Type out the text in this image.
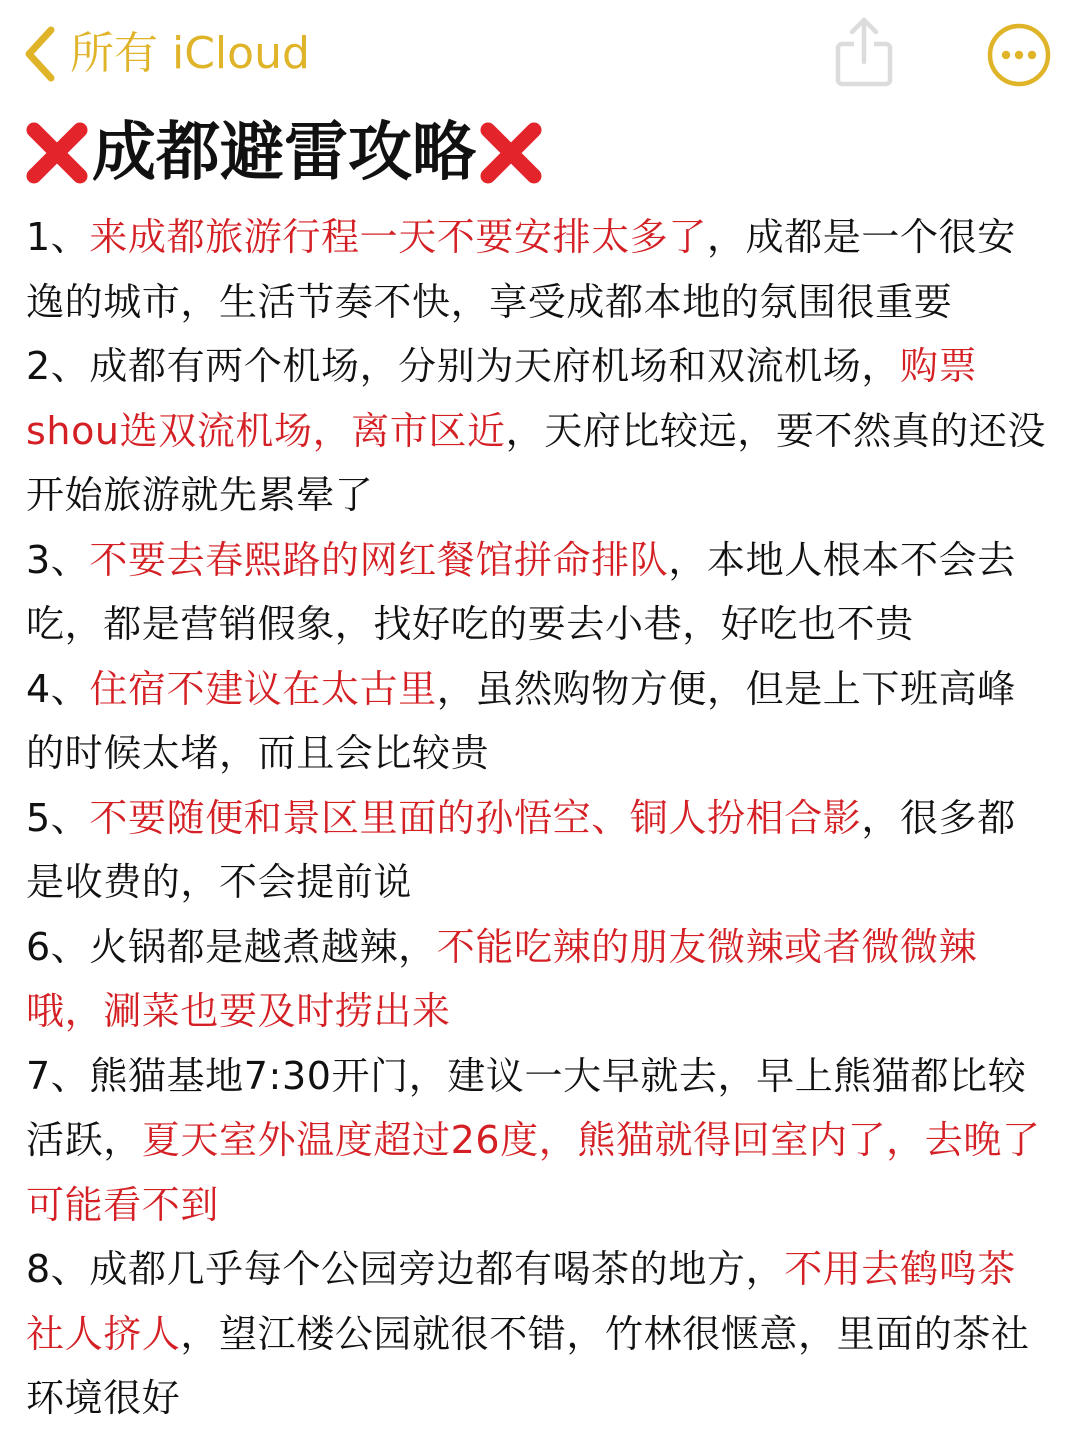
所有 iCloud
成都避雷攻略

1、来成都旅游行程一天不要安排太多了，成都是一个很安逸的城市，生活节奏不快，享受成都本地的氛围很重要

2、成都有两个机场，分别为天府机场和双流机场，购票shou选双流机场，离市区近，天府比较远，要不然真的还没开始旅游就先累晕了

3、不要去春熙路的网红餐馆拼命排队，本地人根本不会去吃，都是营销假象，找好吃的要去小巷，好吃也不贵

4、住宿不建议在太古里，虽然购物方便，但是上下班高峰的时候太堵，而且会比较贵

5、不要随便和景区里面的孙悟空、铜人扮相合影，很多都是收费的，不会提前说

6、火锅都是越煮越辣，不能吃辣的朋友微辣或者微微辣哦，涮菜也要及时捞出来

7、熊猫基地7:30开门，建议一大早就去，早上熊猫都比较活跃，夏天室外温度超过26度，熊猫就得回室内了，去晚了可能看不到

8、成都几乎每个公园旁边都有喝茶的地方，不用去鹤鸣茶社人挤人，望江楼公园就很不错，竹林很惬意，里面的茶社环境很好
